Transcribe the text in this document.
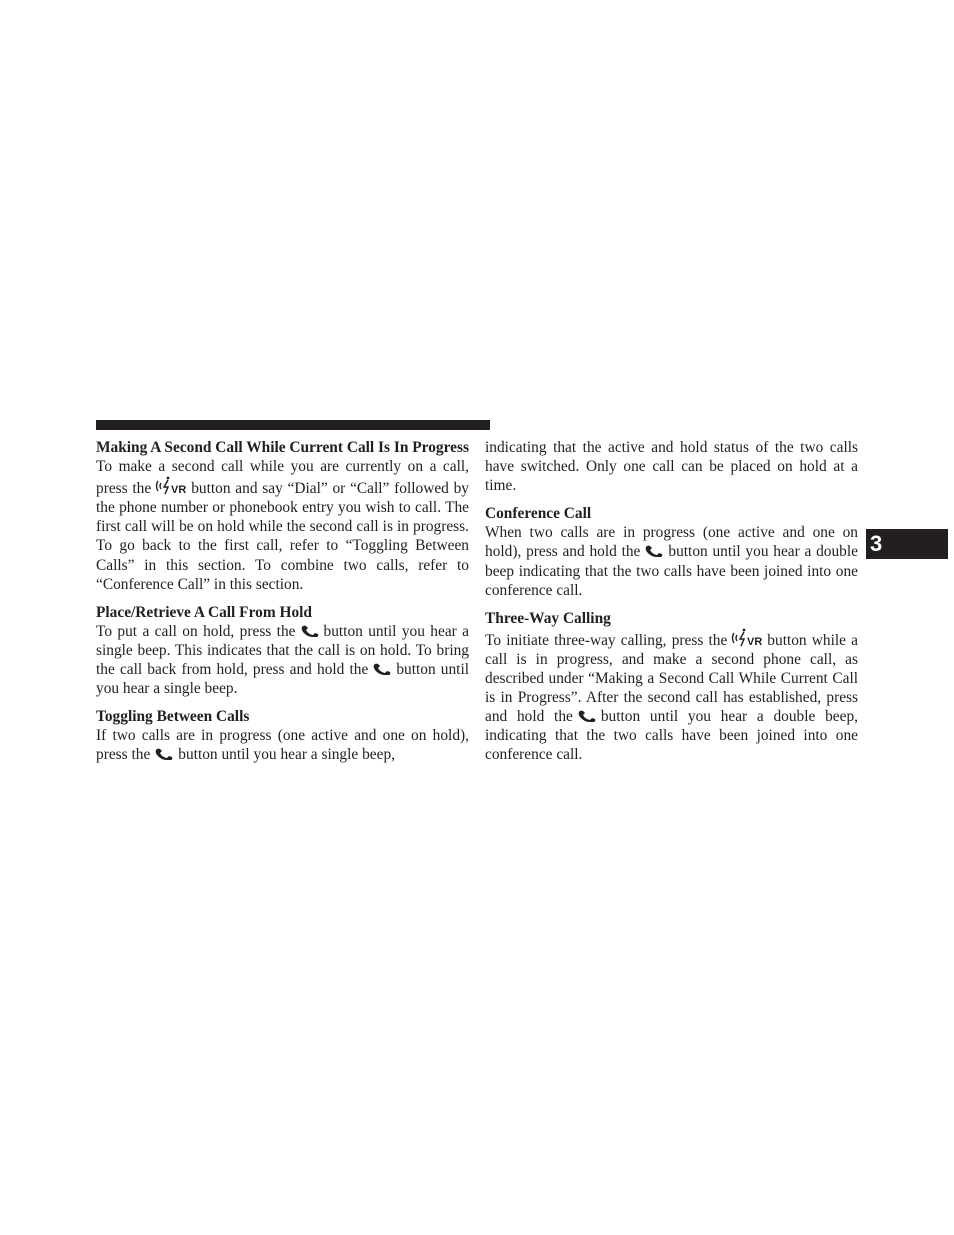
Making A Second Call While Current Call Is In Progress

To make a second call while you are currently on a call, press the VR button and say “Dial” or “Call” followed by the phone number or phonebook entry you wish to call. The first call will be on hold while the second call is in progress. To go back to the first call, refer to “Toggling Between Calls” in this section. To combine two calls, refer to “Conference Call” in this section.

Place/Retrieve A Call From Hold

To put a call on hold, press the button until you hear a single beep. This indicates that the call is on hold. To bring the call back from hold, press and hold the button until you hear a single beep.

Toggling Between Calls

If two calls are in progress (one active and one on hold), press the button until you hear a single beep,

indicating that the active and hold status of the two calls have switched. Only one call can be placed on hold at a time.

Conference Call

When two calls are in progress (one active and one on hold), press and hold the button until you hear a double beep indicating that the two calls have been joined into one conference call.

Three-Way Calling

To initiate three-way calling, press the VR button while a call is in progress, and make a second phone call, as described under “Making a Second Call While Current Call is in Progress”. After the second call has established, press and hold the button until you hear a double beep, indicating that the two calls have been joined into one conference call.

3
